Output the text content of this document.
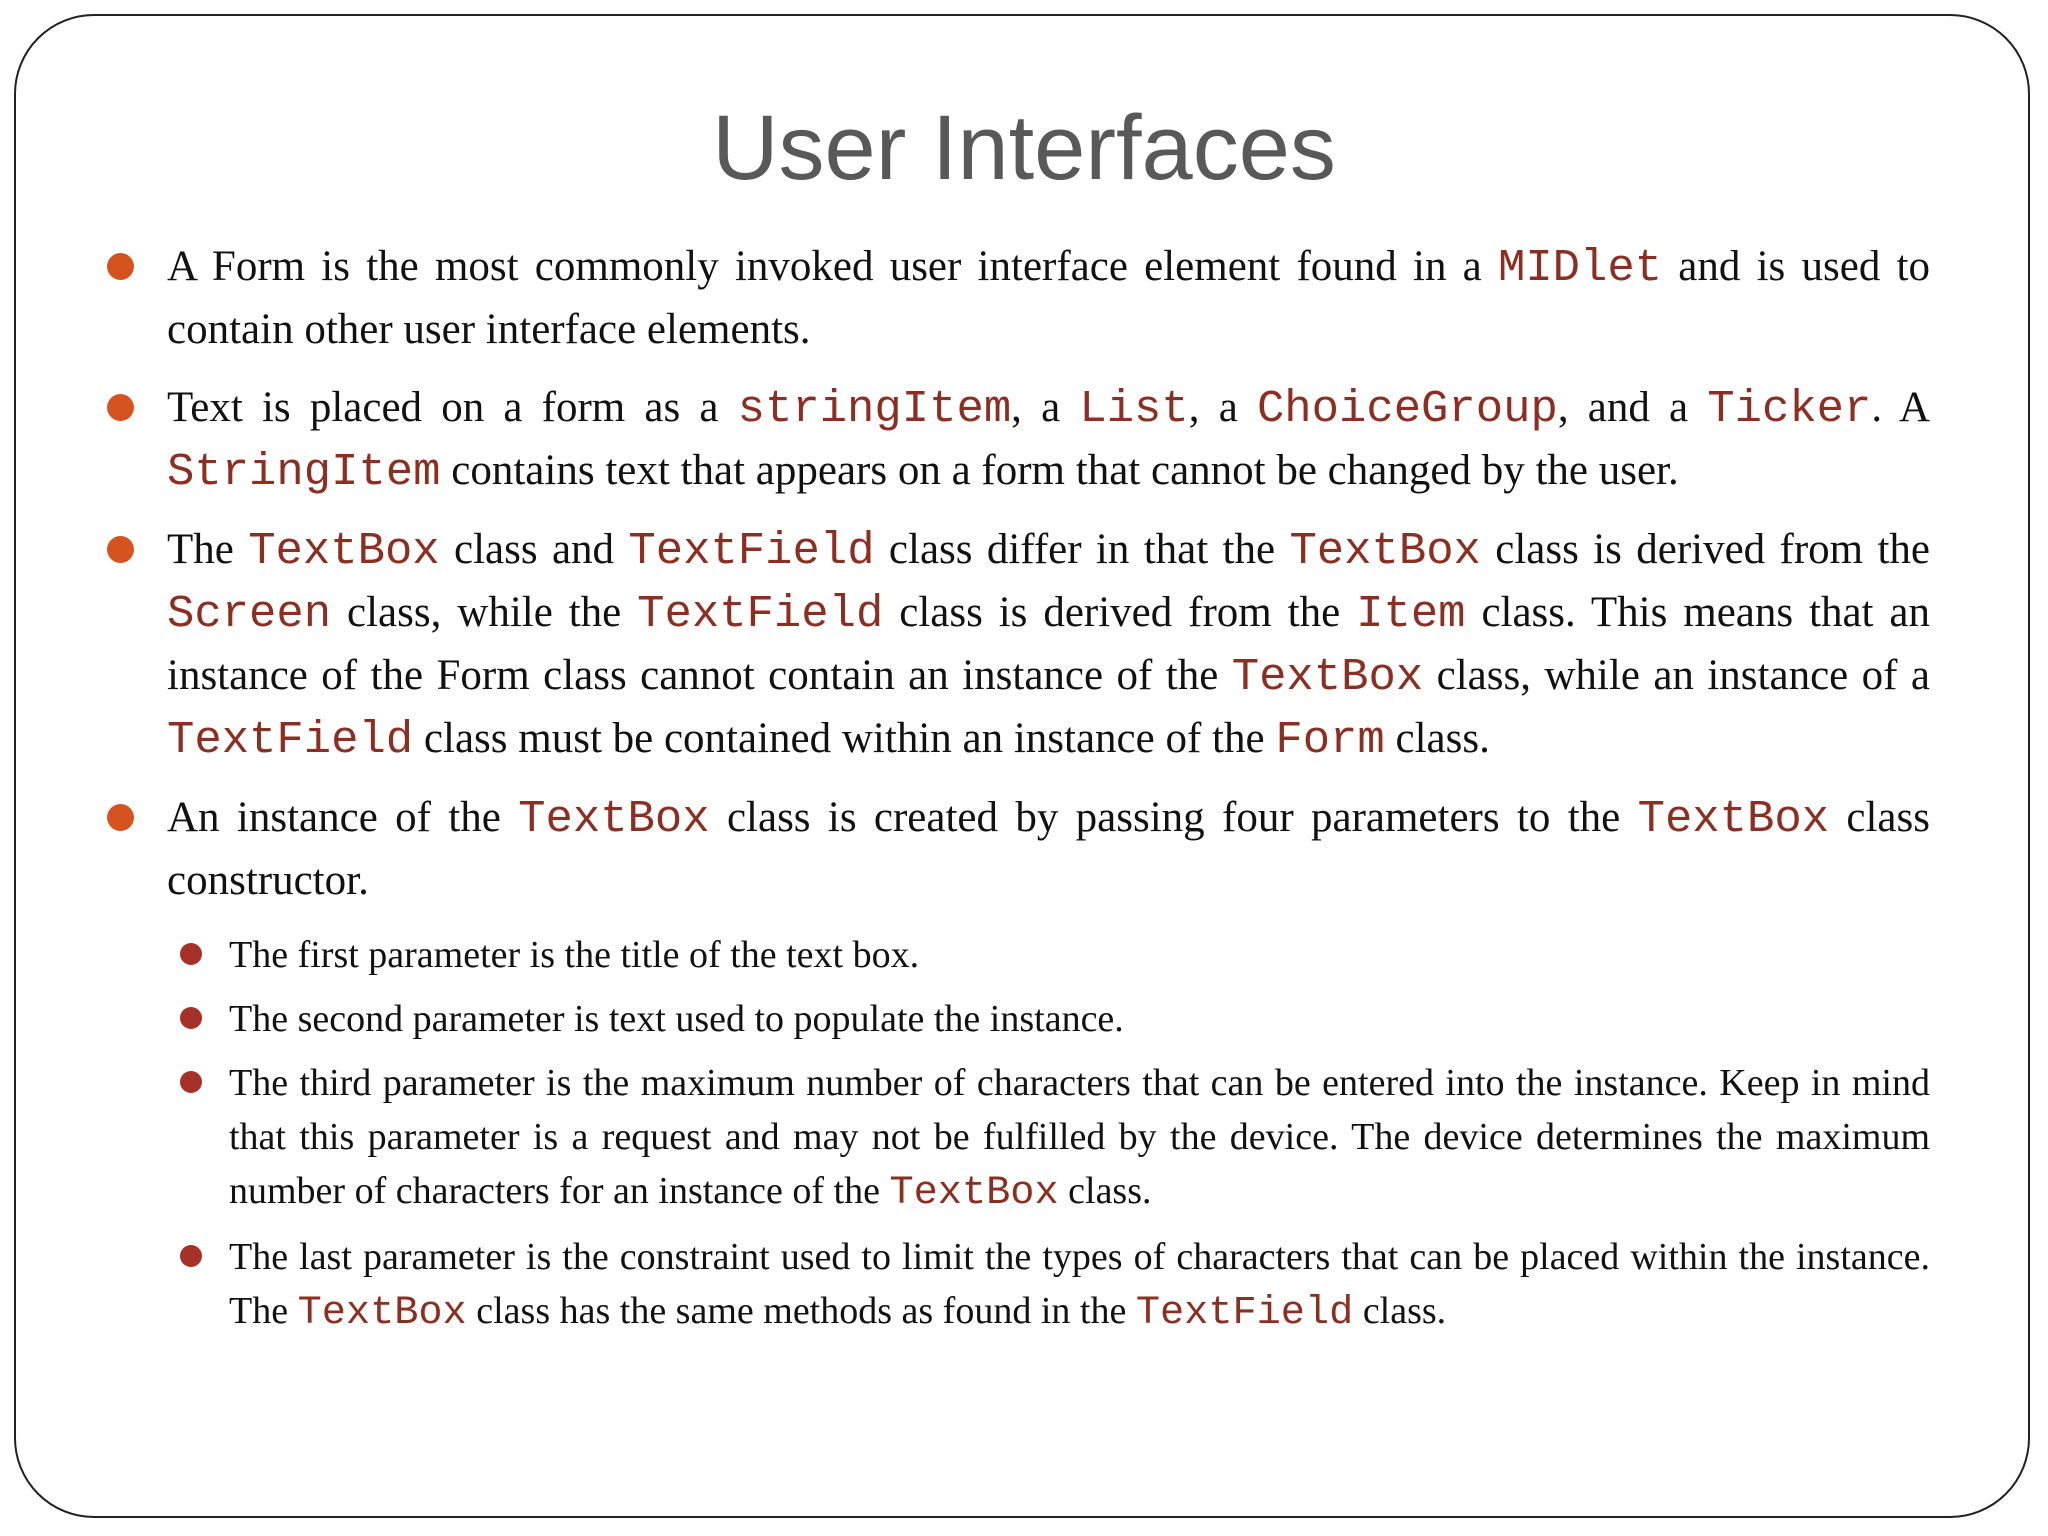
User Interfaces
A Form is the most commonly invoked user interface element found in a MIDlet and is used to contain other user interface elements.
Text is placed on a form as a stringItem, a List, a ChoiceGroup, and a Ticker. A StringItem contains text that appears on a form that cannot be changed by the user.
The TextBox class and TextField class differ in that the TextBox class is derived from the Screen class, while the TextField class is derived from the Item class. This means that an instance of the Form class cannot contain an instance of the TextBox class, while an instance of a TextField class must be contained within an instance of the Form class.
An instance of the TextBox class is created by passing four parameters to the TextBox class constructor.
The first parameter is the title of the text box.
The second parameter is text used to populate the instance.
The third parameter is the maximum number of characters that can be entered into the instance. Keep in mind that this parameter is a request and may not be fulfilled by the device. The device determines the maximum number of characters for an instance of the TextBox class.
The last parameter is the constraint used to limit the types of characters that can be placed within the instance. The TextBox class has the same methods as found in the TextField class.
